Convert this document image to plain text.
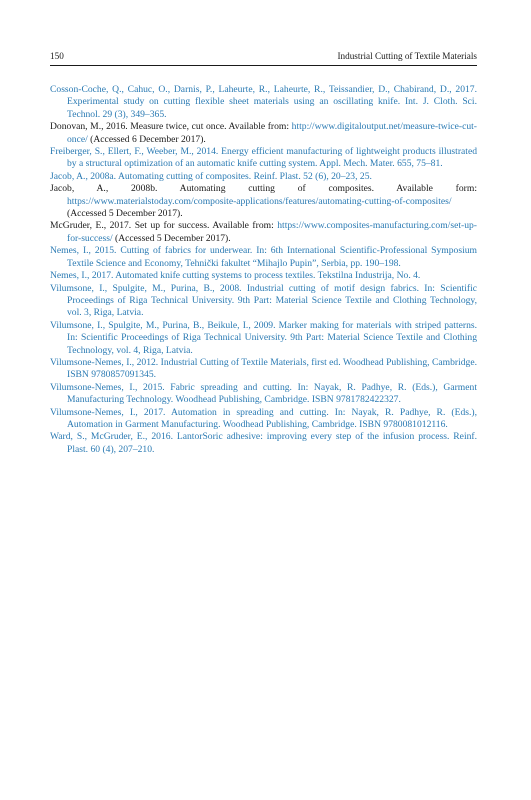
150	Industrial Cutting of Textile Materials
Cosson-Coche, Q., Cahuc, O., Darnis, P., Laheurte, R., Laheurte, R., Teissandier, D., Chabirand, D., 2017. Experimental study on cutting flexible sheet materials using an oscillating knife. Int. J. Cloth. Sci. Technol. 29 (3), 349–365.
Donovan, M., 2016. Measure twice, cut once. Available from: http://www.digitaloutput.net/measure-twice-cut-once/ (Accessed 6 December 2017).
Freiberger, S., Ellert, F., Weeber, M., 2014. Energy efficient manufacturing of lightweight products illustrated by a structural optimization of an automatic knife cutting system. Appl. Mech. Mater. 655, 75–81.
Jacob, A., 2008a. Automating cutting of composites. Reinf. Plast. 52 (6), 20–23, 25.
Jacob, A., 2008b. Automating cutting of composites. Available form: https://www.materialstoday.com/composite-applications/features/automating-cutting-of-composites/ (Accessed 5 December 2017).
McGruder, E., 2017. Set up for success. Available from: https://www.composites-manufacturing.com/set-up-for-success/ (Accessed 5 December 2017).
Nemes, I., 2015. Cutting of fabrics for underwear. In: 6th International Scientific-Professional Symposium Textile Science and Economy, Tehnički fakultet “Mihajlo Pupin”, Serbia, pp. 190–198.
Nemes, I., 2017. Automated knife cutting systems to process textiles. Tekstilna Industrija, No. 4.
Vilumsone, I., Spulgite, M., Purina, B., 2008. Industrial cutting of motif design fabrics. In: Scientific Proceedings of Riga Technical University. 9th Part: Material Science Textile and Clothing Technology, vol. 3, Riga, Latvia.
Vilumsone, I., Spulgite, M., Purina, B., Beikule, I., 2009. Marker making for materials with striped patterns. In: Scientific Proceedings of Riga Technical University. 9th Part: Material Science Textile and Clothing Technology, vol. 4, Riga, Latvia.
Vilumsone-Nemes, I., 2012. Industrial Cutting of Textile Materials, first ed. Woodhead Publishing, Cambridge. ISBN 9780857091345.
Vilumsone-Nemes, I., 2015. Fabric spreading and cutting. In: Nayak, R. Padhye, R. (Eds.), Garment Manufacturing Technology. Woodhead Publishing, Cambridge. ISBN 9781782422327.
Vilumsone-Nemes, I., 2017. Automation in spreading and cutting. In: Nayak, R. Padhye, R. (Eds.), Automation in Garment Manufacturing. Woodhead Publishing, Cambridge. ISBN 9780081012116.
Ward, S., McGruder, E., 2016. LantorSoric adhesive: improving every step of the infusion process. Reinf. Plast. 60 (4), 207–210.
